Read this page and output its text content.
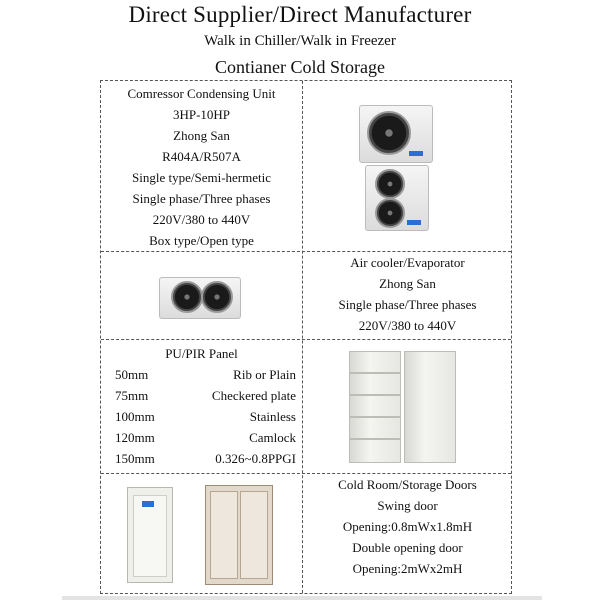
Direct Supplier/Direct Manufacturer
Walk in Chiller/Walk in Freezer
Contianer Cold Storage
Comressor Condensing Unit
3HP-10HP
Zhong San
R404A/R507A
Single type/Semi-hermetic
Single phase/Three phases
220V/380 to 440V
Box type/Open type
Air cooler/Evaporator
Zhong San
Single phase/Three phases
220V/380 to 440V
PU/PIR Panel
50mm	Rib or Plain
75mm	Checkered plate
100mm	Stainless
120mm	Camlock
150mm	0.326~0.8PPGI
Cold Room/Storage Doors
Swing door
Opening:0.8mWx1.8mH
Double opening door
Opening:2mWx2mH
